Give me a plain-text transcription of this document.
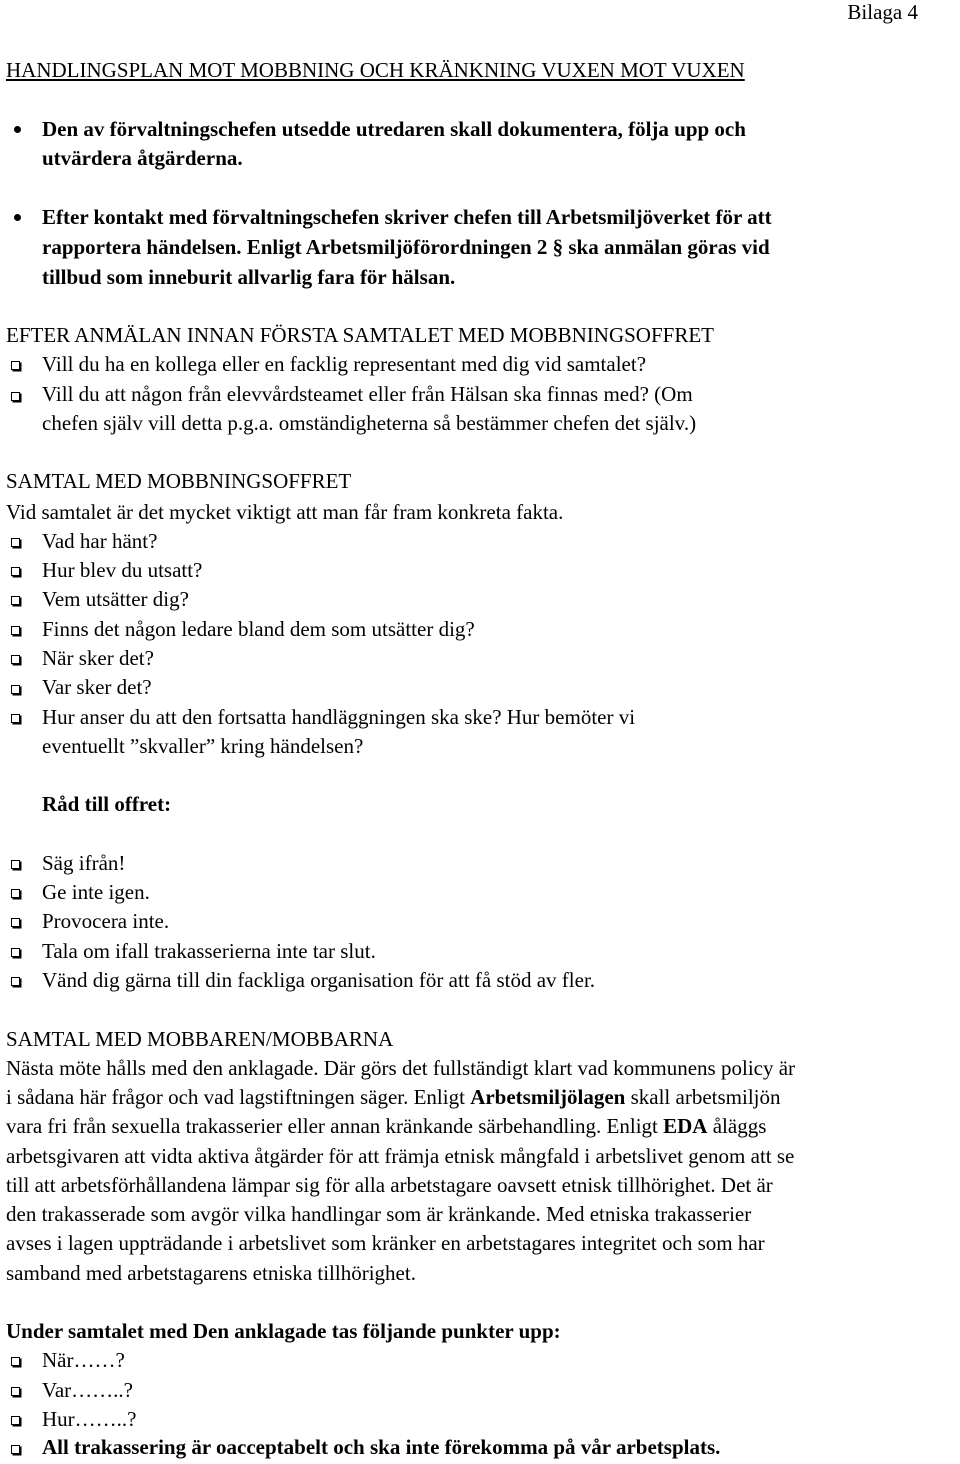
Bilaga 4
HANDLINGSPLAN MOT MOBBNING OCH KRÄNKNING VUXEN MOT VUXEN
Den av förvaltningschefen utsedde utredaren skall dokumentera, följa upp och
utvärdera åtgärderna.
Efter kontakt med förvaltningschefen skriver chefen till Arbetsmiljöverket för att
rapportera händelsen. Enligt Arbetsmiljöförordningen 2 § ska anmälan göras vid
tillbud som inneburit allvarlig fara för hälsan.
EFTER ANMÄLAN INNAN FÖRSTA SAMTALET MED MOBBNINGSOFFRET
Vill du ha en kollega eller en facklig representant med dig vid samtalet?
Vill du att någon från elevvårdsteamet eller från Hälsan ska finnas med? (Om
chefen själv vill detta p.g.a. omständigheterna så bestämmer chefen det själv.)
SAMTAL MED MOBBNINGSOFFRET
Vid samtalet är det mycket viktigt att man får fram konkreta fakta.
Vad har hänt?
Hur blev du utsatt?
Vem utsätter dig?
Finns det någon ledare bland dem som utsätter dig?
När sker det?
Var sker det?
Hur anser du att den fortsatta handläggningen ska ske? Hur bemöter vi
eventuellt ”skvaller” kring händelsen?
Råd till offret:
Säg ifrån!
Ge inte igen.
Provocera inte.
Tala om ifall trakasserierna inte tar slut.
Vänd dig gärna till din fackliga organisation för att få stöd av fler.
SAMTAL MED MOBBAREN/MOBBARNA
Nästa möte hålls med den anklagade. Där görs det fullständigt klart vad kommunens policy är
i sådana här frågor och vad lagstiftningen säger. Enligt Arbetsmiljölagen skall arbetsmiljön
vara fri från sexuella trakasserier eller annan kränkande särbehandling. Enligt EDA åläggs
arbetsgivaren att vidta aktiva åtgärder för att främja etnisk mångfald i arbetslivet genom att se
till att arbetsförhållandena lämpar sig för alla arbetstagare oavsett etnisk tillhörighet. Det är
den trakasserade som avgör vilka handlingar som är kränkande. Med etniska trakasserier
avses i lagen uppträdande i arbetslivet som kränker en arbetstagares integritet och som har
samband med arbetstagarens etniska tillhörighet.
Under samtalet med Den anklagade tas följande punkter upp:
När……?
Var……..?
Hur……..?
All trakassering är oacceptabelt och ska inte förekomma på vår arbetsplats.
